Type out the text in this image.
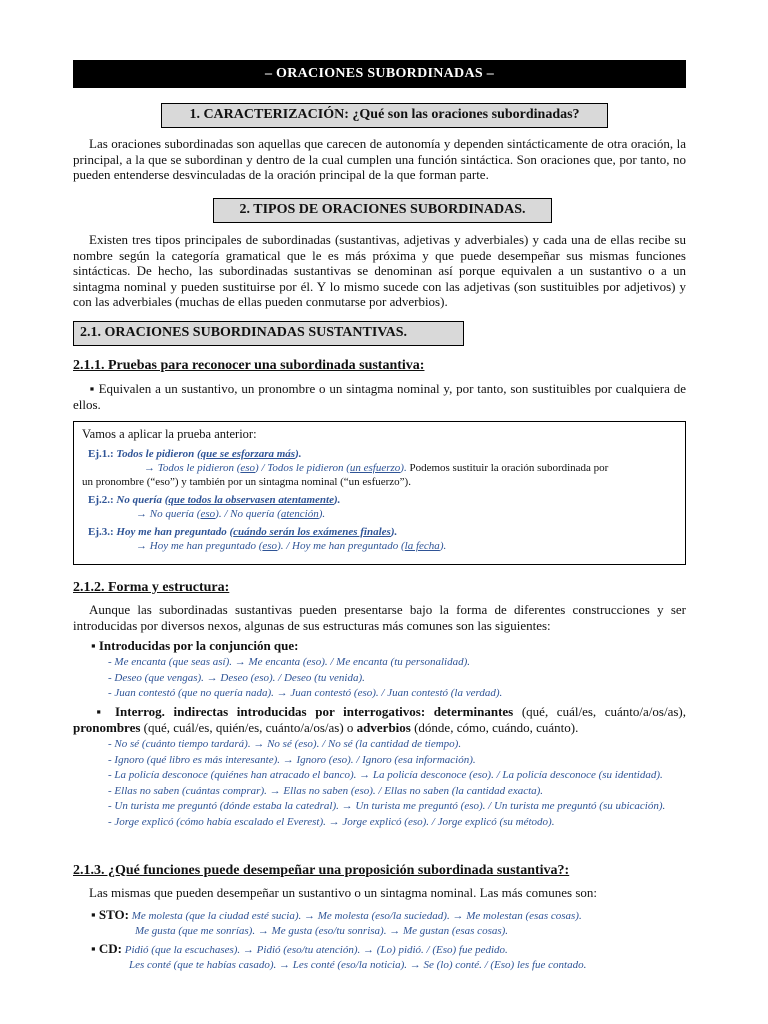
– ORACIONES SUBORDINADAS –
1. CARACTERIZACIÓN: ¿Qué son las oraciones subordinadas?
Las oraciones subordinadas son aquellas que carecen de autonomía y dependen sintácticamente de otra oración, la principal, a la que se subordinan y dentro de la cual cumplen una función sintáctica. Son oraciones que, por tanto, no pueden entenderse desvinculadas de la oración principal de la que forman parte.
2. TIPOS DE ORACIONES SUBORDINADAS.
Existen tres tipos principales de subordinadas (sustantivas, adjetivas y adverbiales) y cada una de ellas recibe su nombre según la categoría gramatical que le es más próxima y que puede desempeñar sus mismas funciones sintácticas. De hecho, las subordinadas sustantivas se denominan así porque equivalen a un sustantivo o a un sintagma nominal y pueden sustituirse por él. Y lo mismo sucede con las adjetivas (son sustituibles por adjetivos) y con las adverbiales (muchas de ellas pueden conmutarse por adverbios).
2.1. ORACIONES SUBORDINADAS SUSTANTIVAS.
2.1.1. Pruebas para reconocer una subordinada sustantiva:
▪ Equivalen a un sustantivo, un pronombre o un sintagma nominal y, por tanto, son sustituibles por cualquiera de ellos.
Vamos a aplicar la prueba anterior:
Ej.1.: Todos le pidieron (que se esforzara más).
→ Todos le pidieron (eso) / Todos le pidieron (un esfuerzo). Podemos sustituir la oración subordinada por
un pronombre (“eso”) y también por un sintagma nominal (“un esfuerzo”).
Ej.2.: No quería (que todos la observasen atentamente).
→ No quería (eso). / No quería (atención).
Ej.3.: Hoy me han preguntado (cuándo serán los exámenes finales).
→ Hoy me han preguntado (eso). / Hoy me han preguntado (la fecha).
2.1.2. Forma y estructura:
Aunque las subordinadas sustantivas pueden presentarse bajo la forma de diferentes construcciones y ser introducidas por diversos nexos, algunas de sus estructuras más comunes son las siguientes:
▪ Introducidas por la conjunción que:
- Me encanta (que seas así). → Me encanta (eso). / Me encanta (tu personalidad).
- Deseo (que vengas). → Deseo (eso). / Deseo (tu venida).
- Juan contestó (que no quería nada). → Juan contestó (eso). / Juan contestó (la verdad).
▪ Interrog. indirectas introducidas por interrogativos: determinantes (qué, cuál/es, cuánto/a/os/as), pronombres (qué, cuál/es, quién/es, cuánto/a/os/as) o adverbios (dónde, cómo, cuándo, cuánto).
- No sé (cuánto tiempo tardará). → No sé (eso). / No sé (la cantidad de tiempo).
- Ignoro (qué libro es más interesante). → Ignoro (eso). / Ignoro (esa información).
- La policía desconoce (quiénes han atracado el banco). → La policía desconoce (eso). / La policía desconoce (su identidad).
- Ellas no saben (cuántas comprar). → Ellas no saben (eso). / Ellas no saben (la cantidad exacta).
- Un turista me preguntó (dónde estaba la catedral). → Un turista me preguntó (eso). / Un turista me preguntó (su ubicación).
- Jorge explicó (cómo había escalado el Everest). → Jorge explicó (eso). / Jorge explicó (su método).
2.1.3. ¿Qué funciones puede desempeñar una proposición subordinada sustantiva?:
Las mismas que pueden desempeñar un sustantivo o un sintagma nominal. Las más comunes son:
▪ STO: Me molesta (que la ciudad esté sucia). → Me molesta (eso/la suciedad). → Me molestan (esas cosas).
Me gusta (que me sonrías). → Me gusta (eso/tu sonrisa). → Me gustan (esas cosas).
▪ CD: Pidió (que la escuchases). → Pidió (eso/tu atención). → (Lo) pidió. / (Eso) fue pedido.
Les conté (que te habías casado). → Les conté (eso/la noticia). → Se (lo) conté. / (Eso) les fue contado.
